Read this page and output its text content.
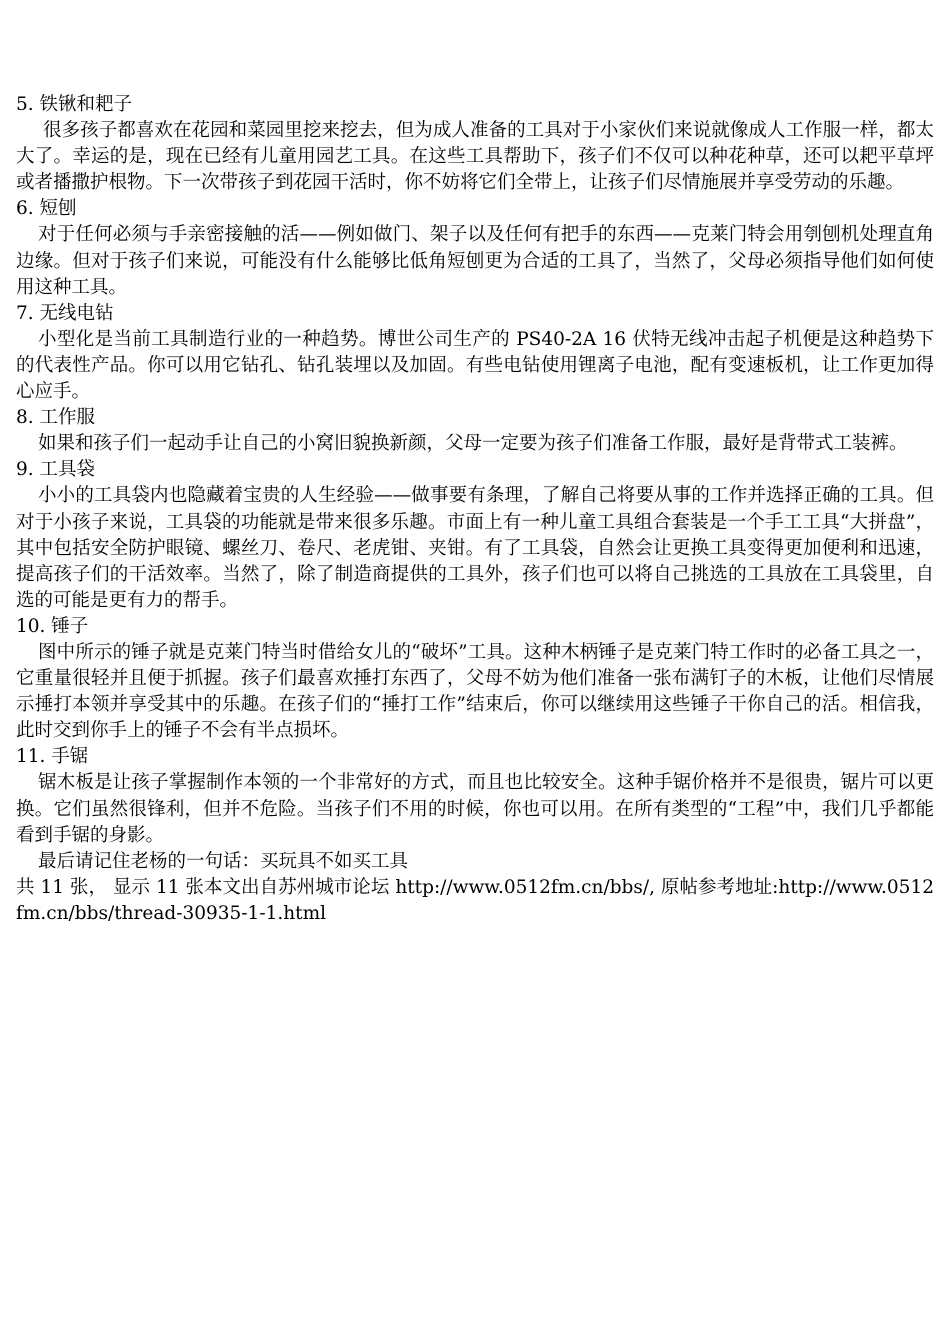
5. 铁锹和耙子

很多孩子都喜欢在花园和菜园里挖来挖去，但为成人准备的工具对于小家伙们来说就像成人工作服一样，都太大了。幸运的是，现在已经有儿童用园艺工具。在这些工具帮助下，孩子们不仅可以种花种草，还可以耙平草坪或者播撒护根物。下一次带孩子到花园干活时，你不妨将它们全带上，让孩子们尽情施展并享受劳动的乐趣。

6. 短刨

对于任何必须与手亲密接触的活——例如做门、架子以及任何有把手的东西——克莱门特会用刳刨机处理直角边缘。但对于孩子们来说，可能没有什么能够比低角短刨更为合适的工具了，当然了，父母必须指导他们如何使用这种工具。

7. 无线电钻

小型化是当前工具制造行业的一种趋势。博世公司生产的 PS40-2A 16 伏特无线冲击起子机便是这种趋势下的代表性产品。你可以用它钻孔、钻孔装埋以及加固。有些电钻使用锂离子电池，配有变速板机，让工作更加得心应手。

8. 工作服

如果和孩子们一起动手让自己的小窝旧貌换新颜，父母一定要为孩子们准备工作服，最好是背带式工装裤。

9. 工具袋

小小的工具袋内也隐藏着宝贵的人生经验——做事要有条理，了解自己将要从事的工作并选择正确的工具。但对于小孩子来说，工具袋的功能就是带来很多乐趣。市面上有一种儿童工具组合套装是一个手工工具“大拼盘”，其中包括安全防护眼镜、螺丝刀、卷尺、老虎钳、夹钳。有了工具袋，自然会让更换工具变得更加便利和迅速，提高孩子们的干活效率。当然了，除了制造商提供的工具外，孩子们也可以将自己挑选的工具放在工具袋里，自选的可能是更有力的帮手。

10. 锤子

图中所示的锤子就是克莱门特当时借给女儿的“破坏”工具。这种木柄锤子是克莱门特工作时的必备工具之一，它重量很轻并且便于抓握。孩子们最喜欢捶打东西了，父母不妨为他们准备一张布满钉子的木板，让他们尽情展示捶打本领并享受其中的乐趣。在孩子们的“捶打工作”结束后，你可以继续用这些锤子干你自己的活。相信我，此时交到你手上的锤子不会有半点损坏。

11. 手锯

锯木板是让孩子掌握制作本领的一个非常好的方式，而且也比较安全。这种手锯价格并不是很贵，锯片可以更换。它们虽然很锋利，但并不危险。当孩子们不用的时候，你也可以用。在所有类型的“工程”中，我们几乎都能看到手锯的身影。

最后请记住老杨的一句话：买玩具不如买工具

共 11 张， 显示 11 张本文出自苏州城市论坛 http://www.0512fm.cn/bbs/, 原帖参考地址:http://www.0512fm.cn/bbs/thread-30935-1-1.html
